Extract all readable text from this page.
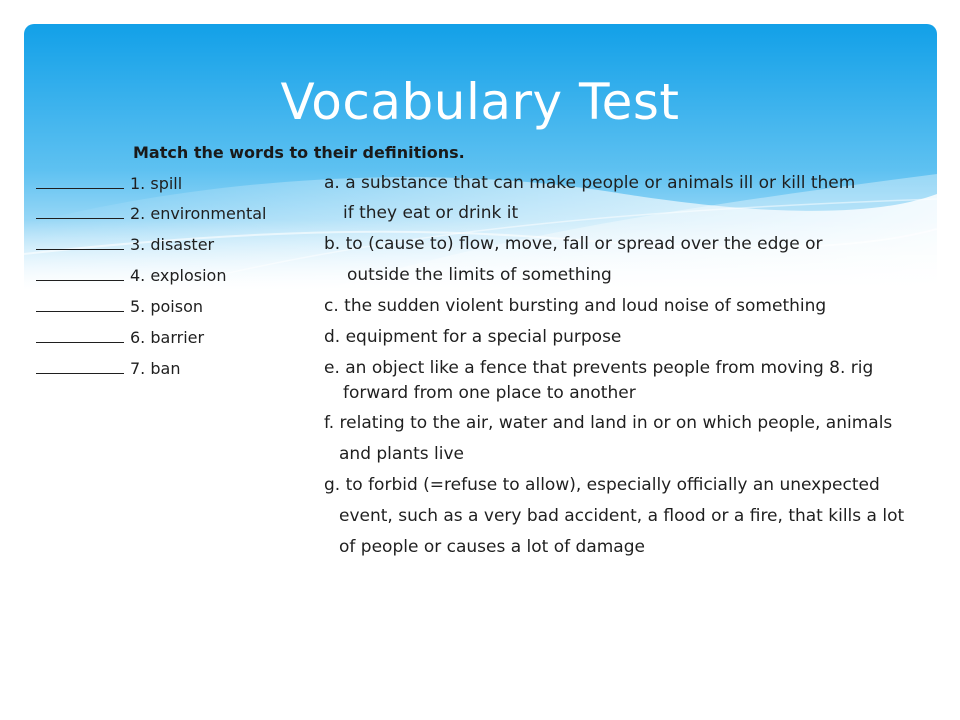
Vocabulary Test
Match the words to their definitions.
1. spill
2. environmental
3. disaster
4. explosion
5. poison
6. barrier
7. ban
a. a substance that can make people or animals ill or kill them
if they eat or drink it
b. to (cause to) flow, move, fall or spread over the edge or
outside the limits of something
c. the sudden violent bursting and loud noise of something
d. equipment for a special purpose
e. an object like a fence that prevents people from moving 8. rig
forward from one place to another
f. relating to the air, water and land in or on which people, animals
and plants live
g. to forbid (=refuse to allow), especially officially an unexpected
event, such as a very bad accident, a flood or a fire, that kills a lot
of people or causes a lot of damage
